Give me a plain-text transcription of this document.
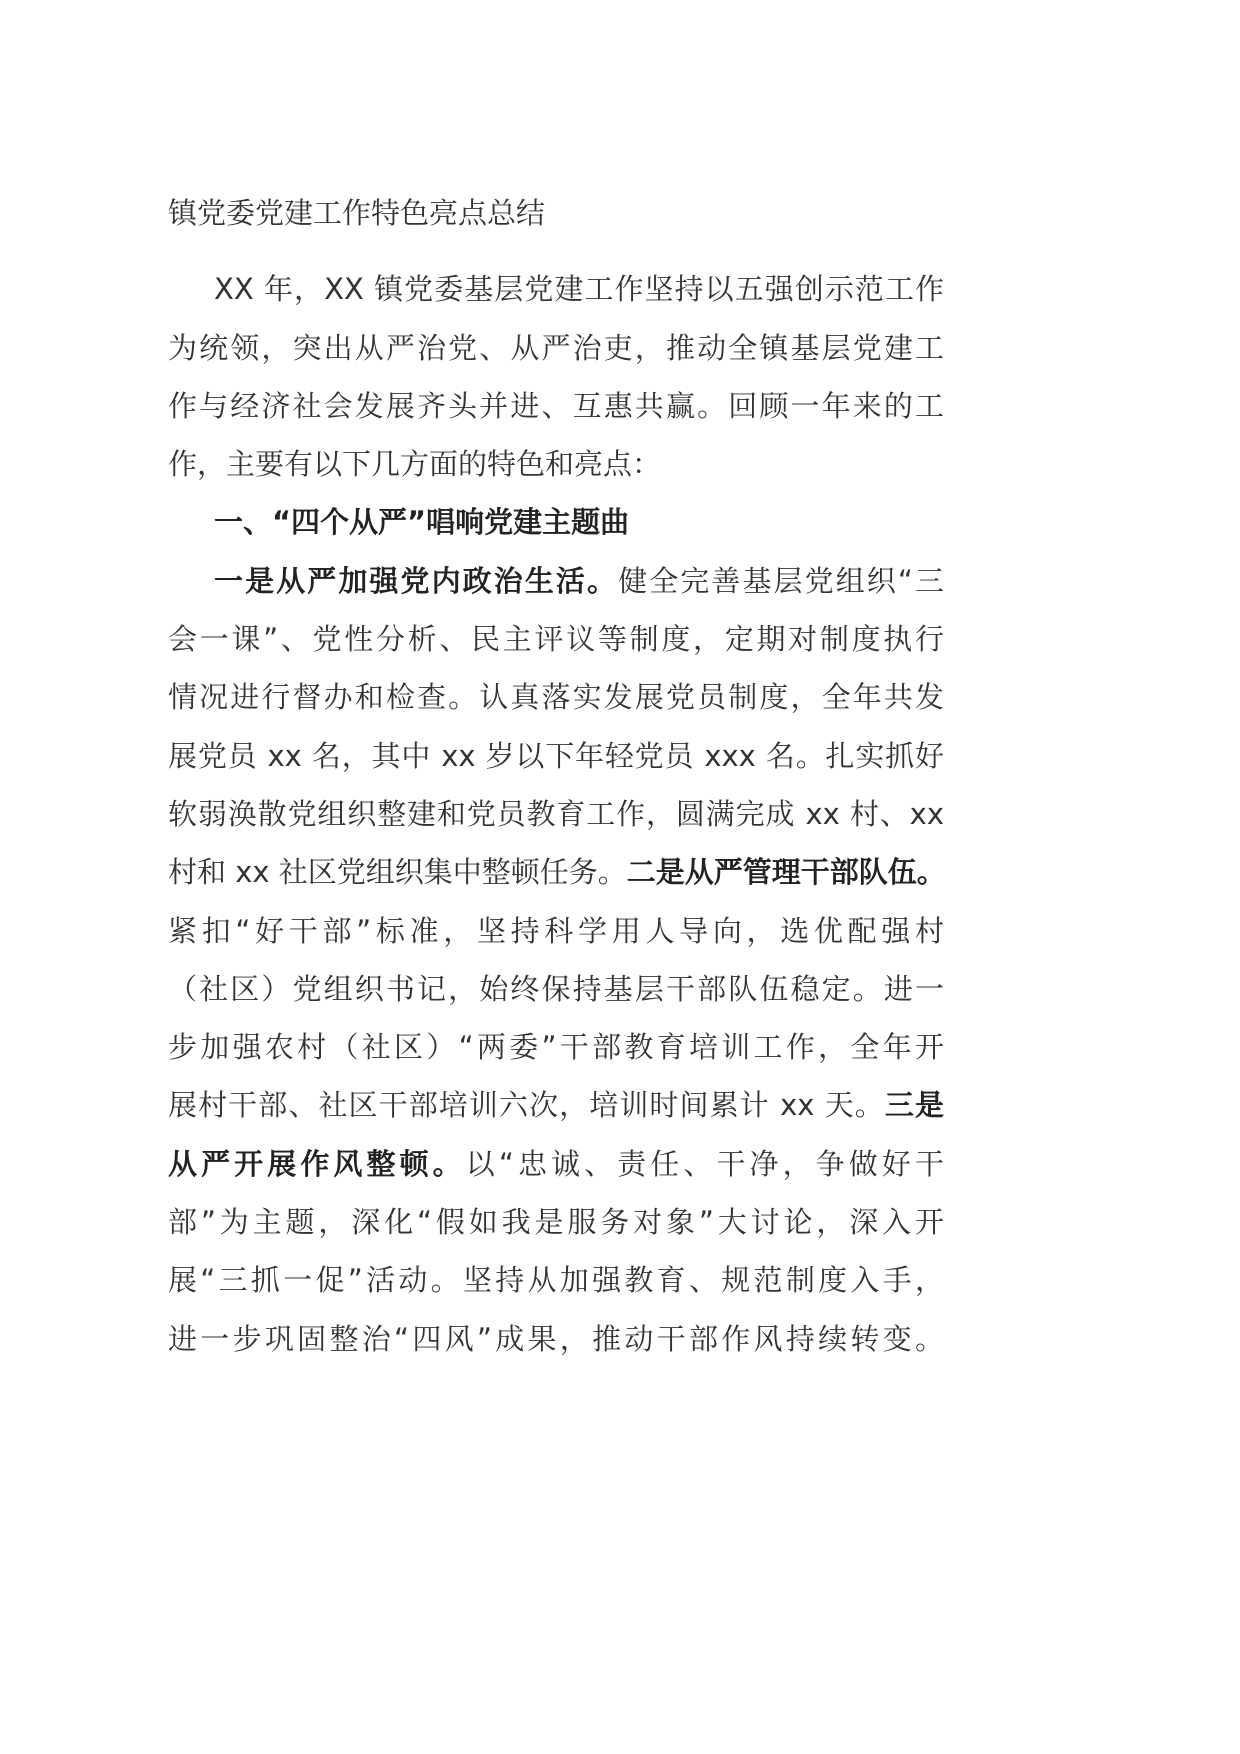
镇党委党建工作特色亮点总结
XX 年，XX 镇党委基层党建工作坚持以五强创示范工作
为统领，突出从严治党、从严治吏，推动全镇基层党建工
作与经济社会发展齐头并进、互惠共赢。回顾一年来的工
作，主要有以下几方面的特色和亮点：
一、“四个从严”唱响党建主题曲
一是从严加强党内政治生活。健全完善基层党组织“三
会一课”、党性分析、民主评议等制度，定期对制度执行
情况进行督办和检查。认真落实发展党员制度，全年共发
展党员 xx 名，其中 xx 岁以下年轻党员 xxx 名。扎实抓好
软弱涣散党组织整建和党员教育工作，圆满完成 xx 村、xx
村和 xx 社区党组织集中整顿任务。二是从严管理干部队伍。
紧扣“好干部”标准，坚持科学用人导向，选优配强村
（社区）党组织书记，始终保持基层干部队伍稳定。进一
步加强农村（社区）“两委”干部教育培训工作，全年开
展村干部、社区干部培训六次，培训时间累计 xx 天。三是
从严开展作风整顿。以“忠诚、责任、干净，争做好干
部”为主题，深化“假如我是服务对象”大讨论，深入开
展“三抓一促”活动。坚持从加强教育、规范制度入手，
进一步巩固整治“四风”成果，推动干部作风持续转变。
